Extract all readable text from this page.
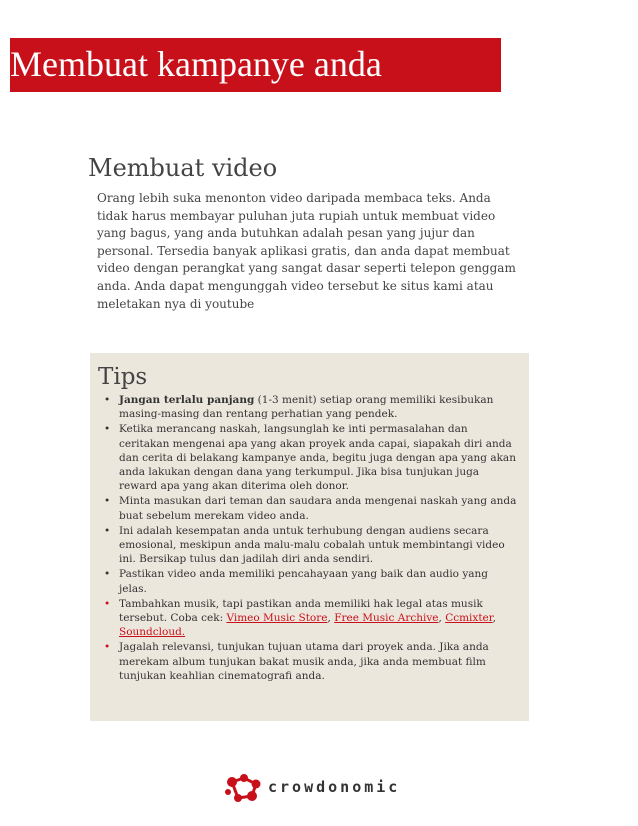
Membuat kampanye anda
Membuat video
Orang lebih suka menonton video daripada membaca teks. Anda
tidak harus membayar puluhan juta rupiah untuk membuat video
yang bagus, yang anda butuhkan adalah pesan yang jujur dan
personal. Tersedia banyak aplikasi gratis, dan anda dapat membuat
video dengan perangkat yang sangat dasar seperti telepon genggam
anda. Anda dapat mengunggah video tersebut ke situs kami atau
meletakan nya di youtube
Tips
• Jangan terlalu panjang (1-3 menit) setiap orang memiliki kesibukan masing-masing dan rentang perhatian yang pendek.
• Ketika merancang naskah, langsunglah ke inti permasalahan dan ceritakan mengenai apa yang akan proyek anda capai, siapakah diri anda dan cerita di belakang kampanye anda, begitu juga dengan apa yang akan anda lakukan dengan dana yang terkumpul. Jika bisa tunjukan juga reward apa yang akan diterima oleh donor.
• Minta masukan dari teman dan saudara anda mengenai naskah yang anda buat sebelum merekam video anda.
• Ini adalah kesempatan anda untuk terhubung dengan audiens secara emosional, meskipun anda malu-malu cobalah untuk membintangi video ini. Bersikap tulus dan jadilah diri anda sendiri.
• Pastikan video anda memiliki pencahayaan yang baik dan audio yang jelas.
• Tambahkan musik, tapi pastikan anda memiliki hak legal atas musik tersebut. Coba cek: Vimeo Music Store, Free Music Archive, Ccmixter,
Soundcloud.
• Jagalah relevansi, tunjukan tujuan utama dari proyek anda. Jika anda merekam album tunjukan bakat musik anda, jika anda membuat film tunjukan keahlian cinematografi anda.
crowdonomic
